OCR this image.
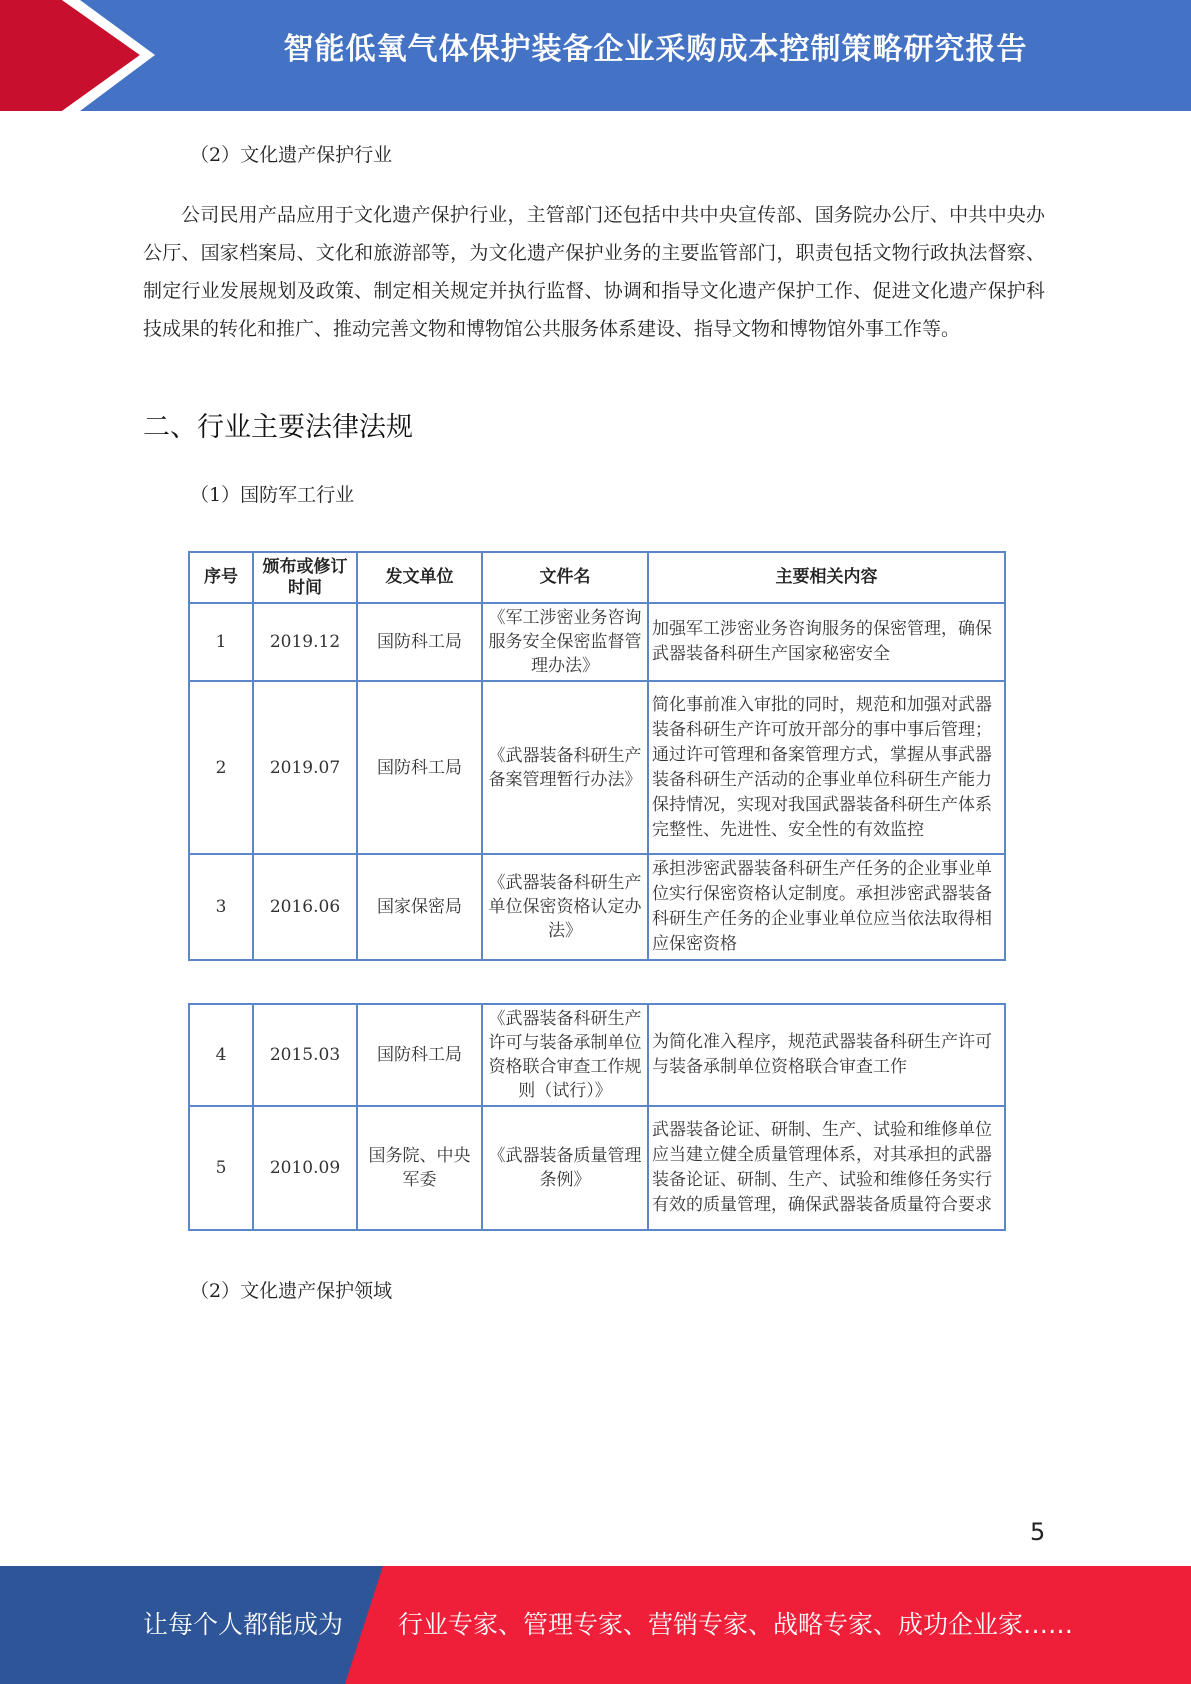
智能低氧气体保护装备企业采购成本控制策略研究报告
（2）文化遗产保护行业
公司民用产品应用于文化遗产保护行业，主管部门还包括中共中央宣传部、国务院办公厅、中共中央办公厅、国家档案局、文化和旅游部等，为文化遗产保护业务的主要监管部门，职责包括文物行政执法督察、制定行业发展规划及政策、制定相关规定并执行监督、协调和指导文化遗产保护工作、促进文化遗产保护科技成果的转化和推广、推动完善文物和博物馆公共服务体系建设、指导文物和博物馆外事工作等。
二、行业主要法律法规
（1）国防军工行业
序号	颁布或修订时间	发文单位	文件名	主要相关内容
1	2019.12	国防科工局	《军工涉密业务咨询服务安全保密监督管理办法》	加强军工涉密业务咨询服务的保密管理，确保武器装备科研生产国家秘密安全
2	2019.07	国防科工局	《武器装备科研生产备案管理暂行办法》	简化事前准入审批的同时，规范和加强对武器装备科研生产许可放开部分的事中事后管理；通过许可管理和备案管理方式，掌握从事武器装备科研生产活动的企事业单位科研生产能力保持情况，实现对我国武器装备科研生产体系完整性、先进性、安全性的有效监控
3	2016.06	国家保密局	《武器装备科研生产单位保密资格认定办法》	承担涉密武器装备科研生产任务的企业事业单位实行保密资格认定制度。承担涉密武器装备科研生产任务的企业事业单位应当依法取得相应保密资格
4	2015.03	国防科工局	《武器装备科研生产许可与装备承制单位资格联合审查工作规则（试行）》	为简化准入程序，规范武器装备科研生产许可与装备承制单位资格联合审查工作
5	2010.09	国务院、中央军委	《武器装备质量管理条例》	武器装备论证、研制、生产、试验和维修单位应当建立健全质量管理体系，对其承担的武器装备论证、研制、生产、试验和维修任务实行有效的质量管理，确保武器装备质量符合要求
（2）文化遗产保护领域
5
让每个人都能成为 行业专家、管理专家、营销专家、战略专家、成功企业家……
